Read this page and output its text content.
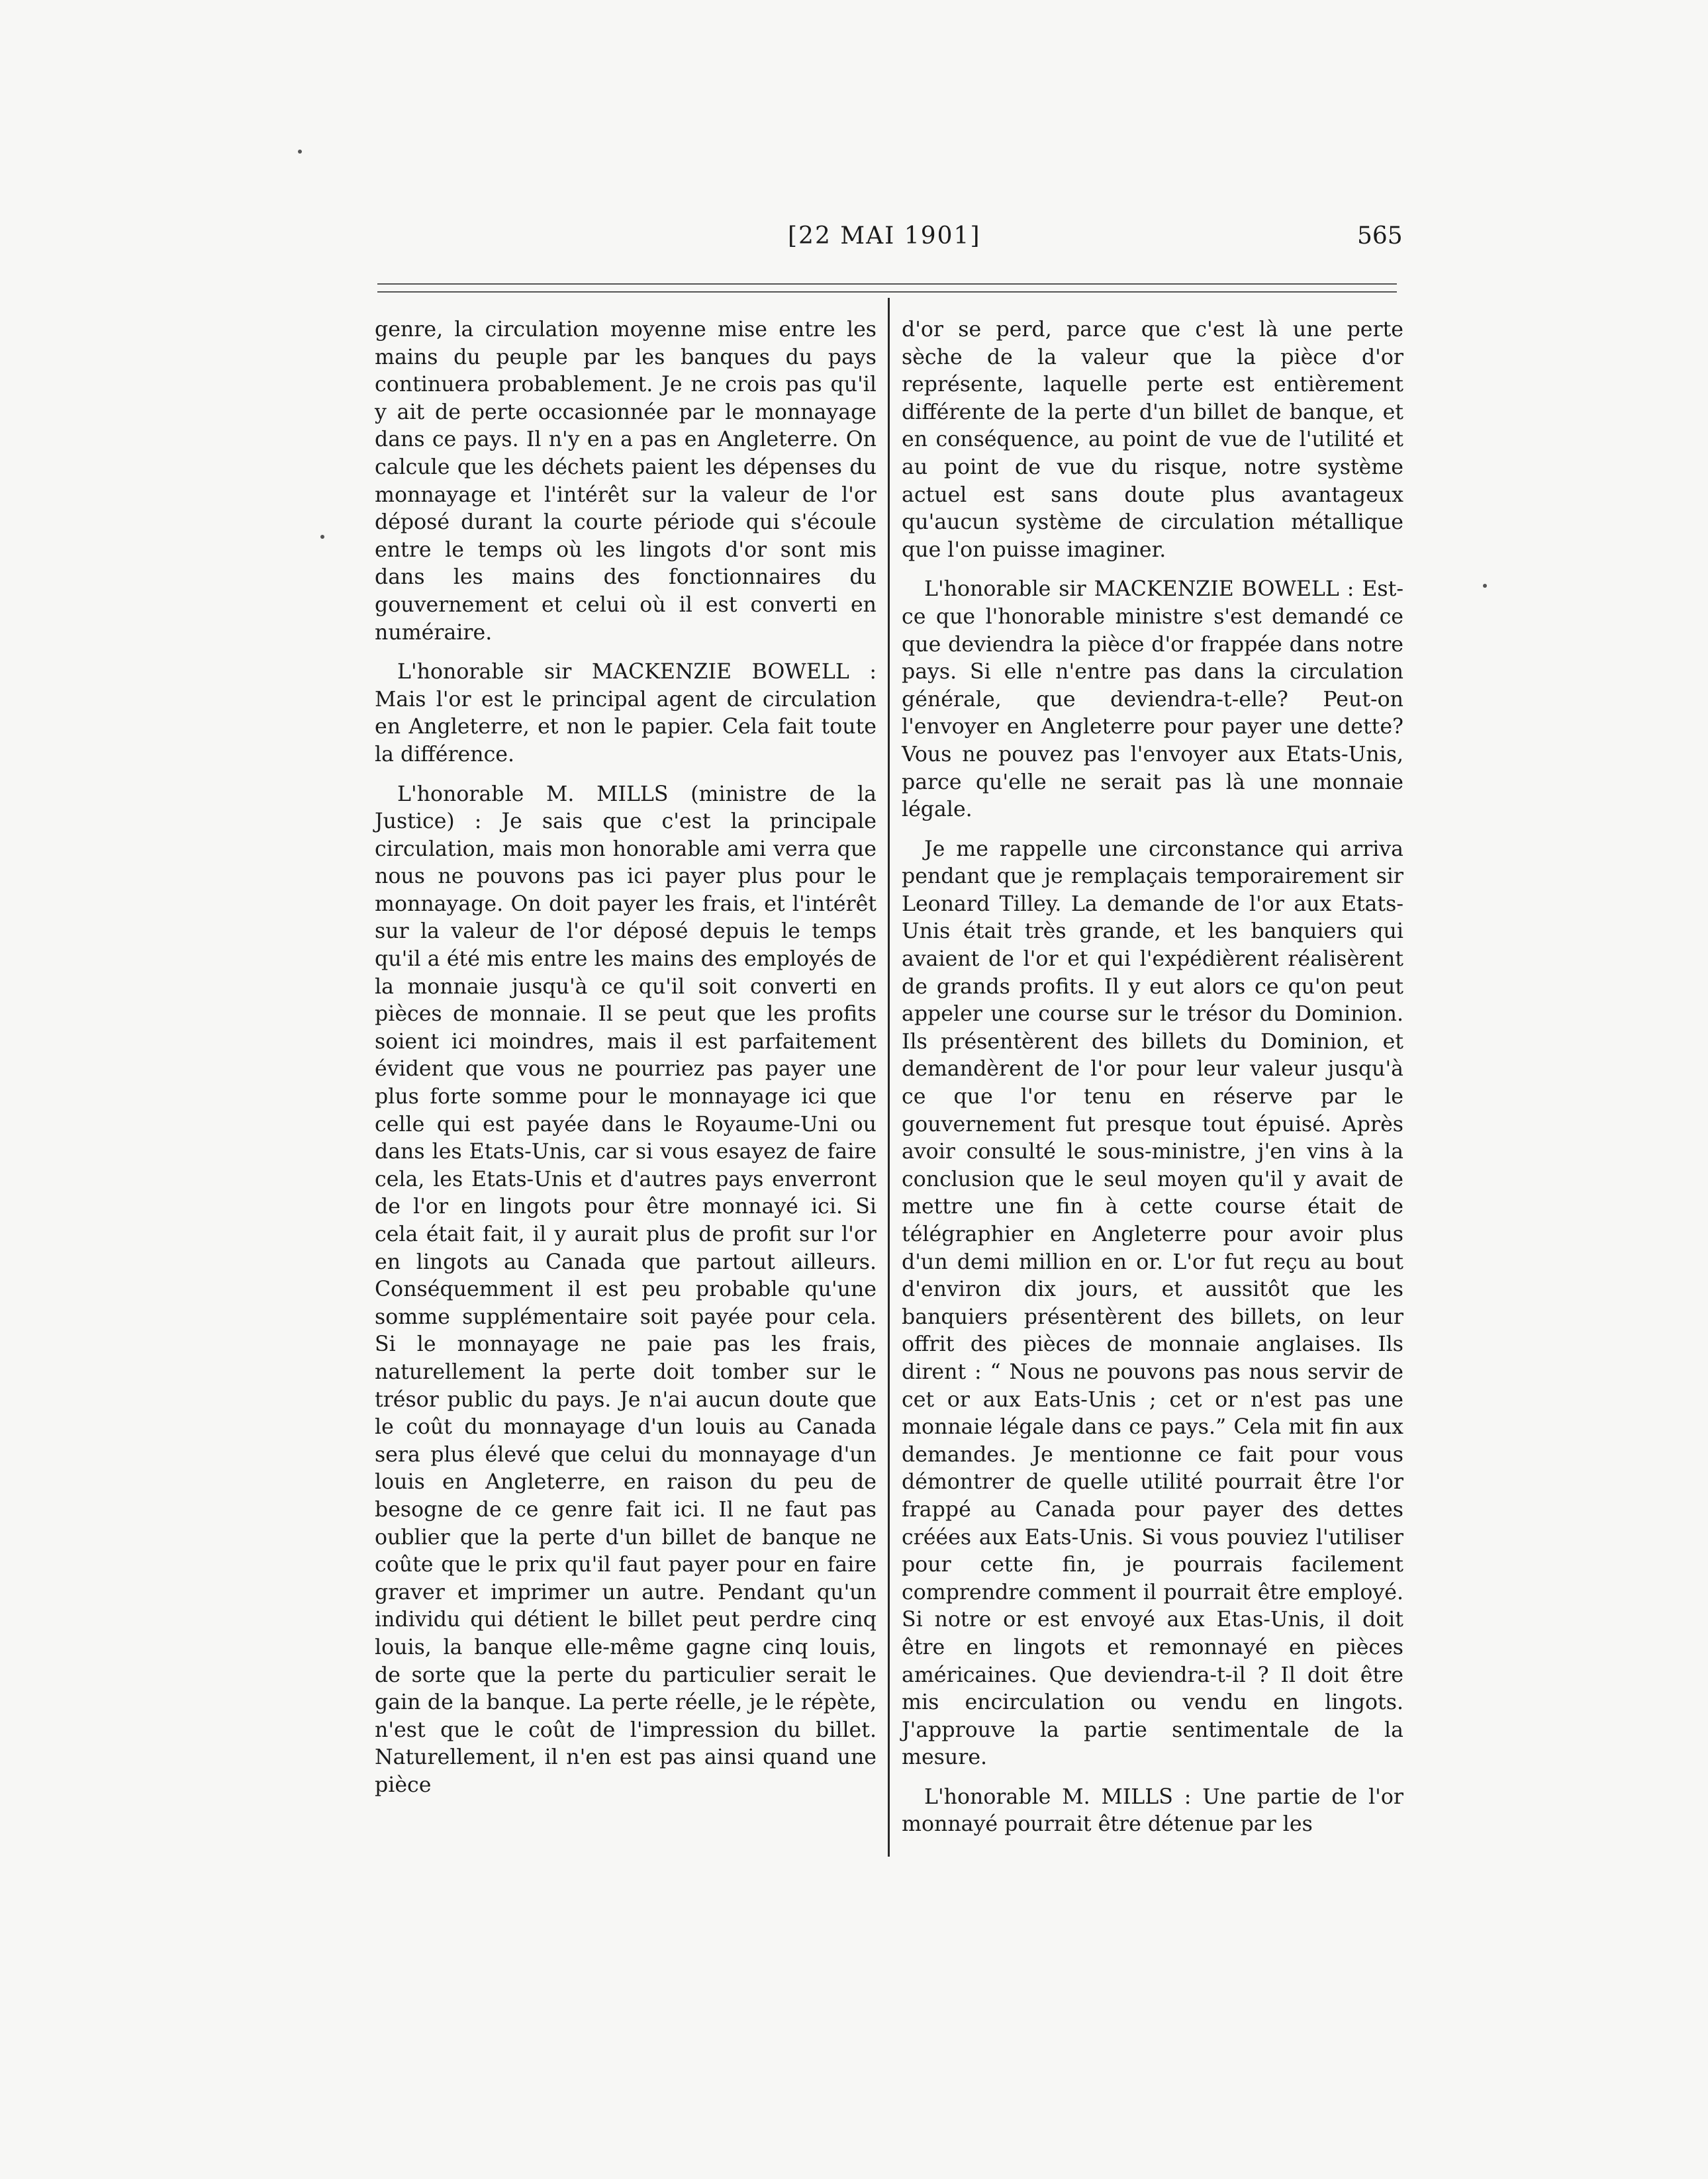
[22 MAI 1901]	565

genre, la circulation moyenne mise entre les mains du peuple par les banques du pays continuera probablement. Je ne crois pas qu'il y ait de perte occasionnée par le monnayage dans ce pays. Il n'y en a pas en Angleterre. On calcule que les déchets paient les dépenses du monnayage et l'intérêt sur la valeur de l'or déposé durant la courte période qui s'écoule entre le temps où les lingots d'or sont mis dans les mains des fonctionnaires du gouvernement et celui où il est converti en numéraire.

L'honorable sir MACKENZIE BOWELL : Mais l'or est le principal agent de circulation en Angleterre, et non le papier. Cela fait toute la différence.

L'honorable M. MILLS (ministre de la Justice) : Je sais que c'est la principale circulation, mais mon honorable ami verra que nous ne pouvons pas ici payer plus pour le monnayage. On doit payer les frais, et l'intérêt sur la valeur de l'or déposé depuis le temps qu'il a été mis entre les mains des employés de la monnaie jusqu'à ce qu'il soit converti en pièces de monnaie. Il se peut que les profits soient ici moindres, mais il est parfaitement évident que vous ne pourriez pas payer une plus forte somme pour le monnayage ici que celle qui est payée dans le Royaume-Uni ou dans les Etats-Unis, car si vous esayez de faire cela, les Etats-Unis et d'autres pays enverront de l'or en lingots pour être monnayé ici. Si cela était fait, il y aurait plus de profit sur l'or en lingots au Canada que partout ailleurs. Conséquemment il est peu probable qu'une somme supplémentaire soit payée pour cela. Si le monnayage ne paie pas les frais, naturellement la perte doit tomber sur le trésor public du pays. Je n'ai aucun doute que le coût du monnayage d'un louis au Canada sera plus élevé que celui du monnayage d'un louis en Angleterre, en raison du peu de besogne de ce genre fait ici. Il ne faut pas oublier que la perte d'un billet de banque ne coûte que le prix qu'il faut payer pour en faire graver et imprimer un autre. Pendant qu'un individu qui détient le billet peut perdre cinq louis, la banque elle-même gagne cinq louis, de sorte que la perte du particulier serait le gain de la banque. La perte réelle, je le répète, n'est que le coût de l'impression du billet. Naturellement, il n'en est pas ainsi quand une pièce

d'or se perd, parce que c'est là une perte sèche de la valeur que la pièce d'or représente, laquelle perte est entièrement différente de la perte d'un billet de banque, et en conséquence, au point de vue de l'utilité et au point de vue du risque, notre système actuel est sans doute plus avantageux qu'aucun système de circulation métallique que l'on puisse imaginer.

L'honorable sir MACKENZIE BOWELL : Est-ce que l'honorable ministre s'est demandé ce que deviendra la pièce d'or frappée dans notre pays. Si elle n'entre pas dans la circulation générale, que deviendra-t-elle? Peut-on l'envoyer en Angleterre pour payer une dette? Vous ne pouvez pas l'envoyer aux Etats-Unis, parce qu'elle ne serait pas là une monnaie légale.

Je me rappelle une circonstance qui arriva pendant que je remplaçais temporairement sir Leonard Tilley. La demande de l'or aux Etats-Unis était très grande, et les banquiers qui avaient de l'or et qui l'expédièrent réalisèrent de grands profits. Il y eut alors ce qu'on peut appeler une course sur le trésor du Dominion. Ils présentèrent des billets du Dominion, et demandèrent de l'or pour leur valeur jusqu'à ce que l'or tenu en réserve par le gouvernement fut presque tout épuisé. Après avoir consulté le sous-ministre, j'en vins à la conclusion que le seul moyen qu'il y avait de mettre une fin à cette course était de télégraphier en Angleterre pour avoir plus d'un demi million en or. L'or fut reçu au bout d'environ dix jours, et aussitôt que les banquiers présentèrent des billets, on leur offrit des pièces de monnaie anglaises. Ils dirent : “ Nous ne pouvons pas nous servir de cet or aux Eats-Unis ; cet or n'est pas une monnaie légale dans ce pays.” Cela mit fin aux demandes. Je mentionne ce fait pour vous démontrer de quelle utilité pourrait être l'or frappé au Canada pour payer des dettes créées aux Eats-Unis. Si vous pouviez l'utiliser pour cette fin, je pourrais facilement comprendre comment il pourrait être employé. Si notre or est envoyé aux Etas-Unis, il doit être en lingots et remonnayé en pièces américaines. Que deviendra-t-il ? Il doit être mis encirculation ou vendu en lingots. J'approuve la partie sentimentale de la mesure.

L'honorable M. MILLS : Une partie de l'or monnayé pourrait être détenue par les
